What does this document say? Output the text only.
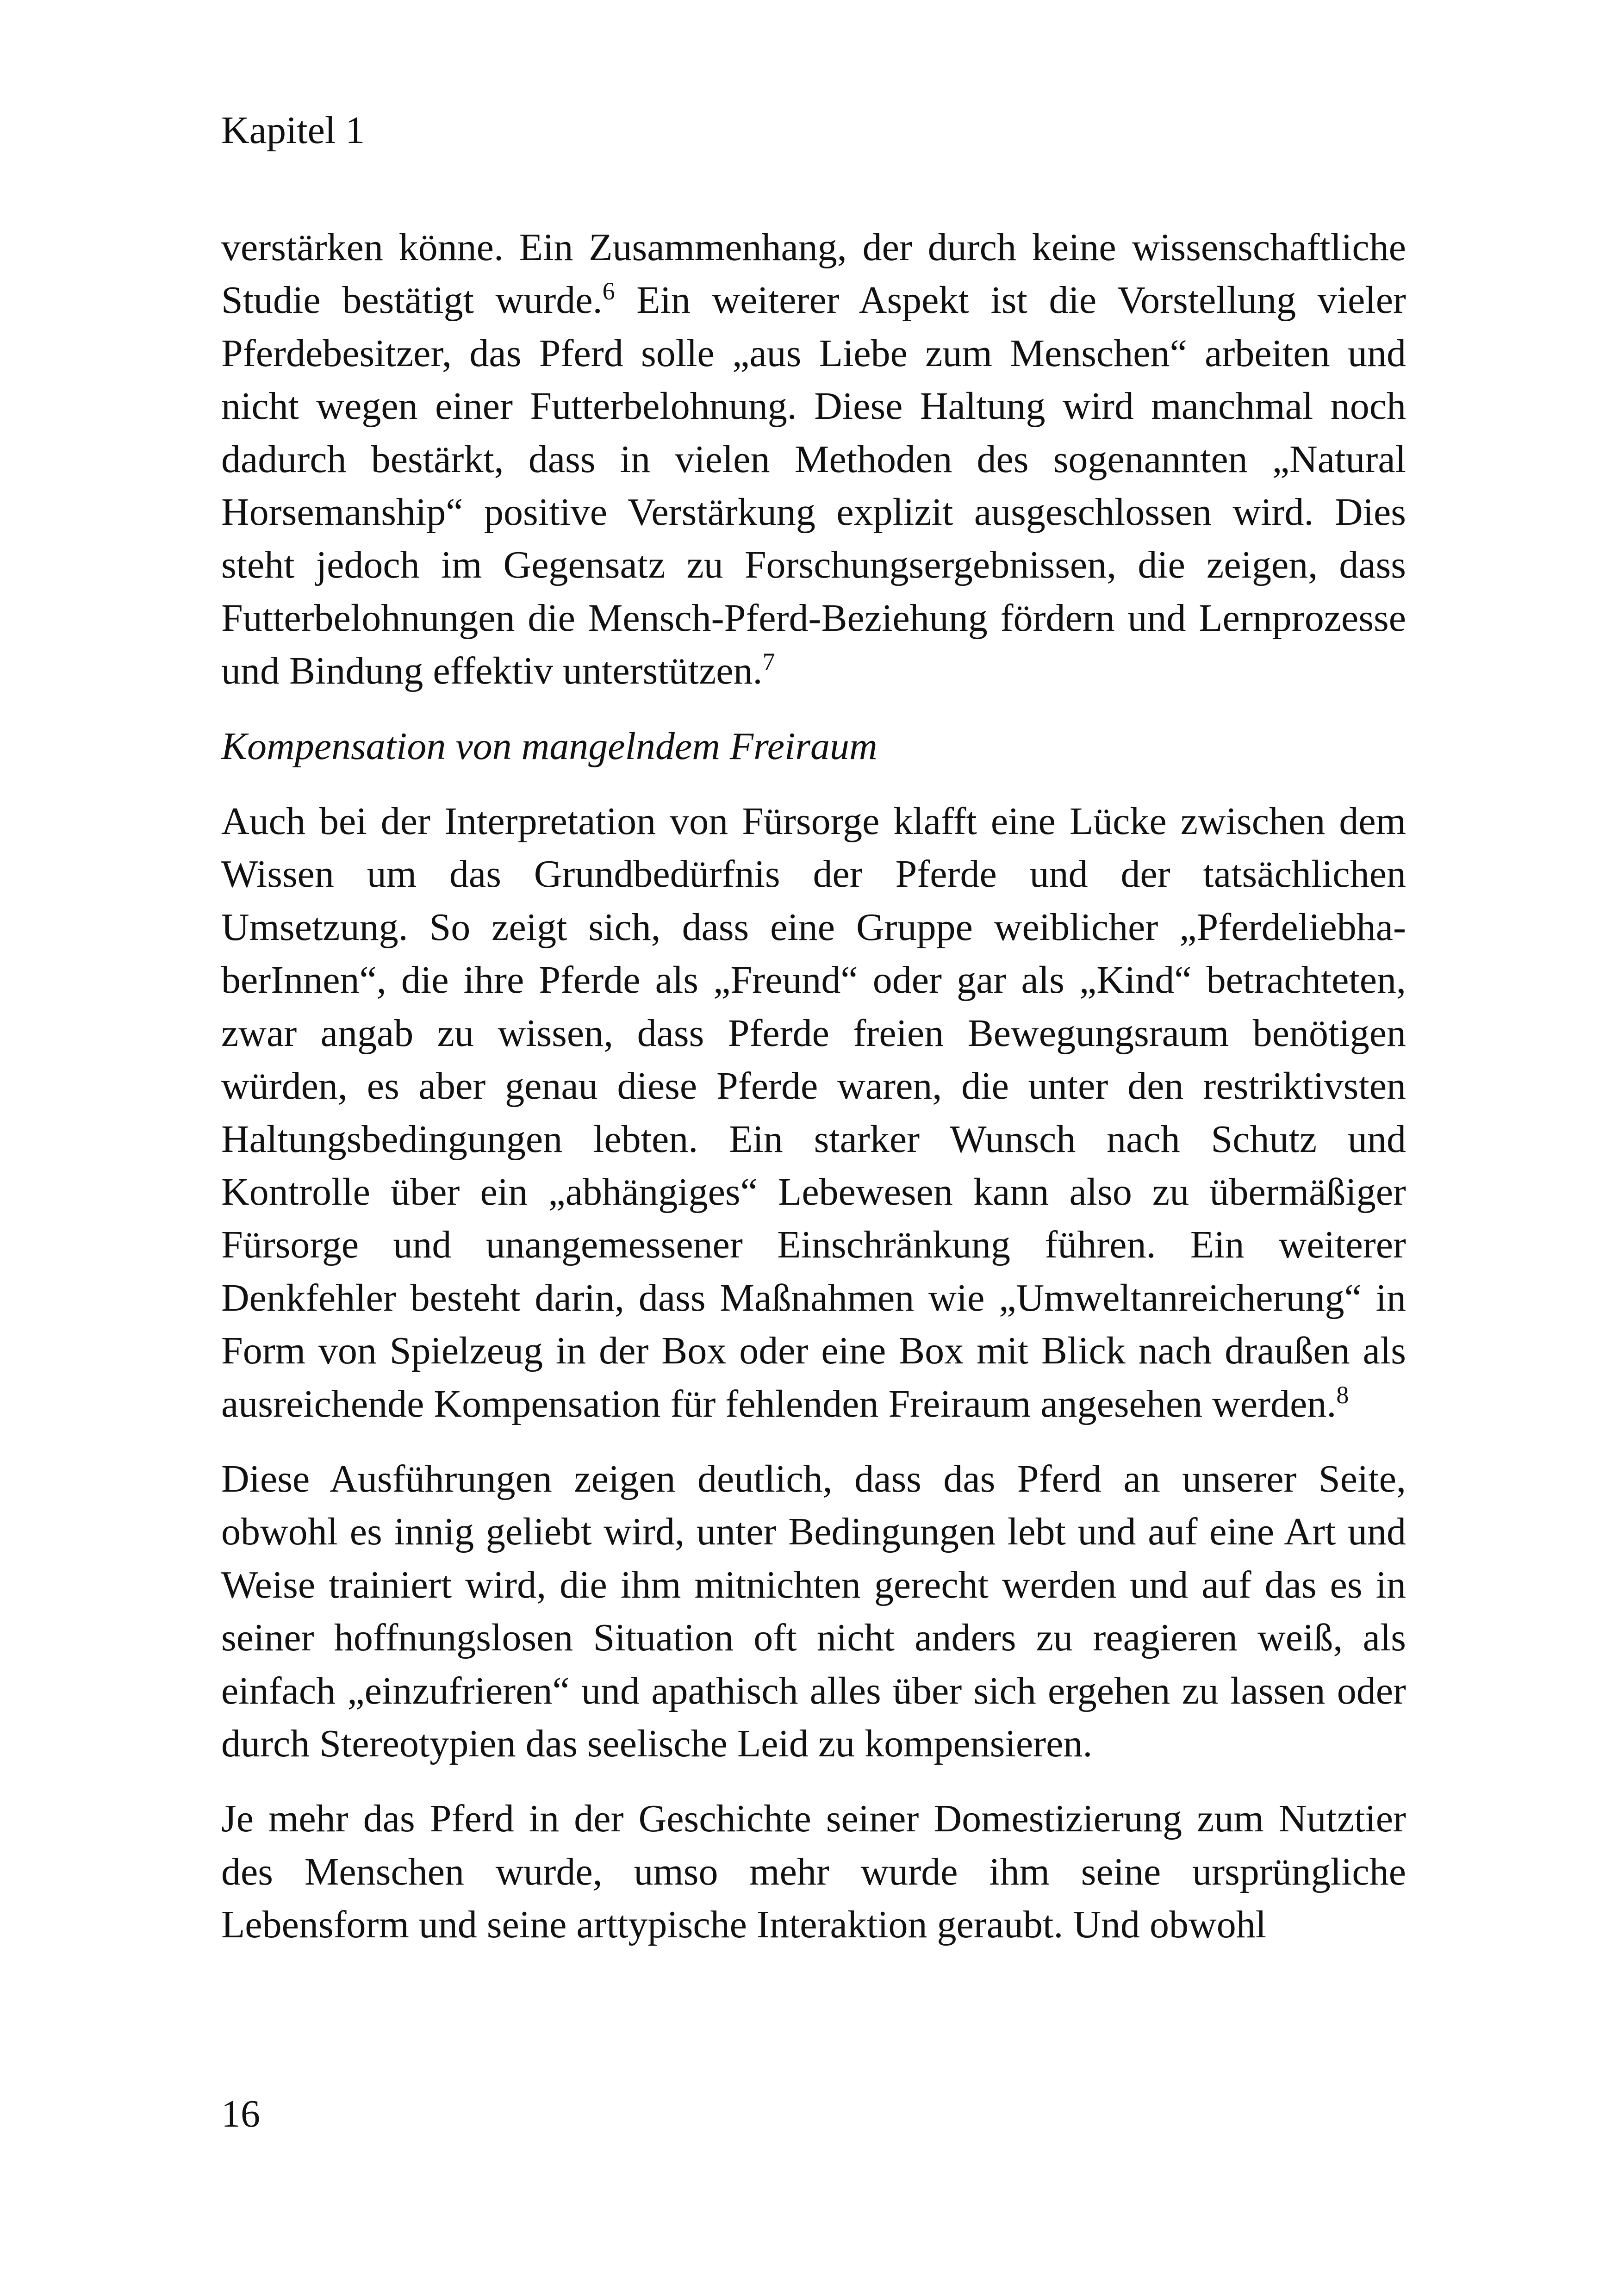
Kapitel 1

verstärken könne. Ein Zusammenhang, der durch keine wissenschaftliche Studie bestätigt wurde.$^6$ Ein weiterer Aspekt ist die Vorstellung vieler Pferdebesitzer, das Pferd solle „aus Liebe zum Menschen“ arbeiten und nicht wegen einer Futterbelohnung. Diese Haltung wird manchmal noch dadurch bestärkt, dass in vielen Methoden des sogenannten „Natural Horsemanship“ positive Verstärkung explizit ausgeschlossen wird. Dies steht jedoch im Gegensatz zu Forschungsergebnissen, die zeigen, dass Futterbelohnungen die Mensch-Pferd-Beziehung fördern und Lernprozesse und Bindung effektiv unterstützen.$^7$

Kompensation von mangelndem Freiraum

Auch bei der Interpretation von Fürsorge klafft eine Lücke zwischen dem Wissen um das Grundbedürfnis der Pferde und der tatsächlichen Umsetzung. So zeigt sich, dass eine Gruppe weiblicher „PferdeliebhaberInnen“, die ihre Pferde als „Freund“ oder gar als „Kind“ betrachteten, zwar angab zu wissen, dass Pferde freien Bewegungsraum benötigen würden, es aber genau diese Pferde waren, die unter den restriktivsten Haltungsbedingungen lebten. Ein starker Wunsch nach Schutz und Kontrolle über ein „abhängiges“ Lebewesen kann also zu übermäßiger Fürsorge und unangemessener Einschränkung führen. Ein weiterer Denkfehler besteht darin, dass Maßnahmen wie „Umweltanreicherung“ in Form von Spielzeug in der Box oder eine Box mit Blick nach draußen als ausreichende Kompensation für fehlenden Freiraum angesehen werden.$^8$

Diese Ausführungen zeigen deutlich, dass das Pferd an unserer Seite, obwohl es innig geliebt wird, unter Bedingungen lebt und auf eine Art und Weise trainiert wird, die ihm mitnichten gerecht werden und auf das es in seiner hoffnungslosen Situation oft nicht anders zu reagieren weiß, als einfach „einzufrieren“ und apathisch alles über sich ergehen zu lassen oder durch Stereotypien das seelische Leid zu kompensieren.

Je mehr das Pferd in der Geschichte seiner Domestizierung zum Nutztier des Menschen wurde, umso mehr wurde ihm seine ursprüngliche Lebensform und seine arttypische Interaktion geraubt. Und obwohl

16
